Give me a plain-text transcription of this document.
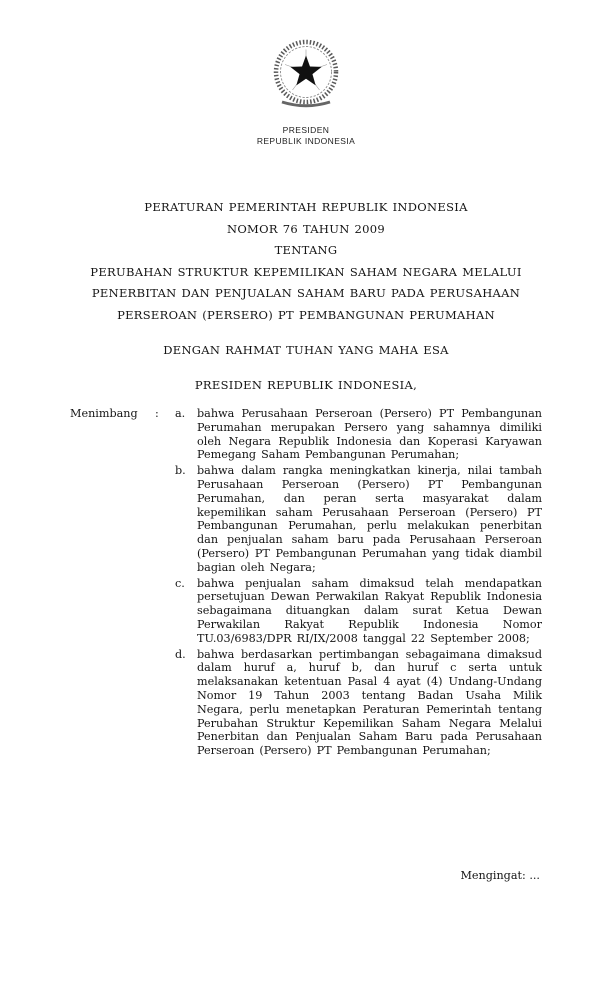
PRESIDEN
REPUBLIK INDONESIA
PERATURAN PEMERINTAH REPUBLIK INDONESIA
NOMOR 76 TAHUN 2009
TENTANG
PERUBAHAN STRUKTUR KEPEMILIKAN SAHAM NEGARA MELALUI
PENERBITAN DAN PENJUALAN SAHAM BARU PADA PERUSAHAAN
PERSEROAN (PERSERO) PT PEMBANGUNAN PERUMAHAN
DENGAN RAHMAT TUHAN YANG MAHA ESA
PRESIDEN REPUBLIK INDONESIA,
Menimbang	:	a.	bahwa Perusahaan Perseroan (Persero) PT Pembangunan Perumahan merupakan Persero yang sahamnya dimiliki oleh Negara Republik Indonesia dan Koperasi Karyawan Pemegang Saham Pembangunan Perumahan;

b.	bahwa dalam rangka meningkatkan kinerja, nilai tambah Perusahaan Perseroan (Persero) PT Pembangunan Perumahan, dan peran serta masyarakat dalam kepemilikan saham Perusahaan Perseroan (Persero) PT Pembangunan Perumahan, perlu melakukan penerbitan dan penjualan saham baru pada Perusahaan Perseroan (Persero) PT Pembangunan Perumahan yang tidak diambil bagian oleh Negara;

c.	bahwa penjualan saham dimaksud telah mendapatkan persetujuan Dewan Perwakilan Rakyat Republik Indonesia sebagaimana dituangkan dalam surat Ketua Dewan Perwakilan Rakyat Republik Indonesia Nomor TU.03/6983/DPR RI/IX/2008 tanggal 22 September 2008;

d.	bahwa berdasarkan pertimbangan sebagaimana dimaksud dalam huruf a, huruf b, dan huruf c serta untuk melaksanakan ketentuan Pasal 4 ayat (4) Undang-Undang Nomor 19 Tahun 2003 tentang Badan Usaha Milik Negara, perlu menetapkan Peraturan Pemerintah tentang Perubahan Struktur Kepemilikan Saham Negara Melalui Penerbitan dan Penjualan Saham Baru pada Perusahaan Perseroan (Persero) PT Pembangunan Perumahan;

Mengingat: ...
